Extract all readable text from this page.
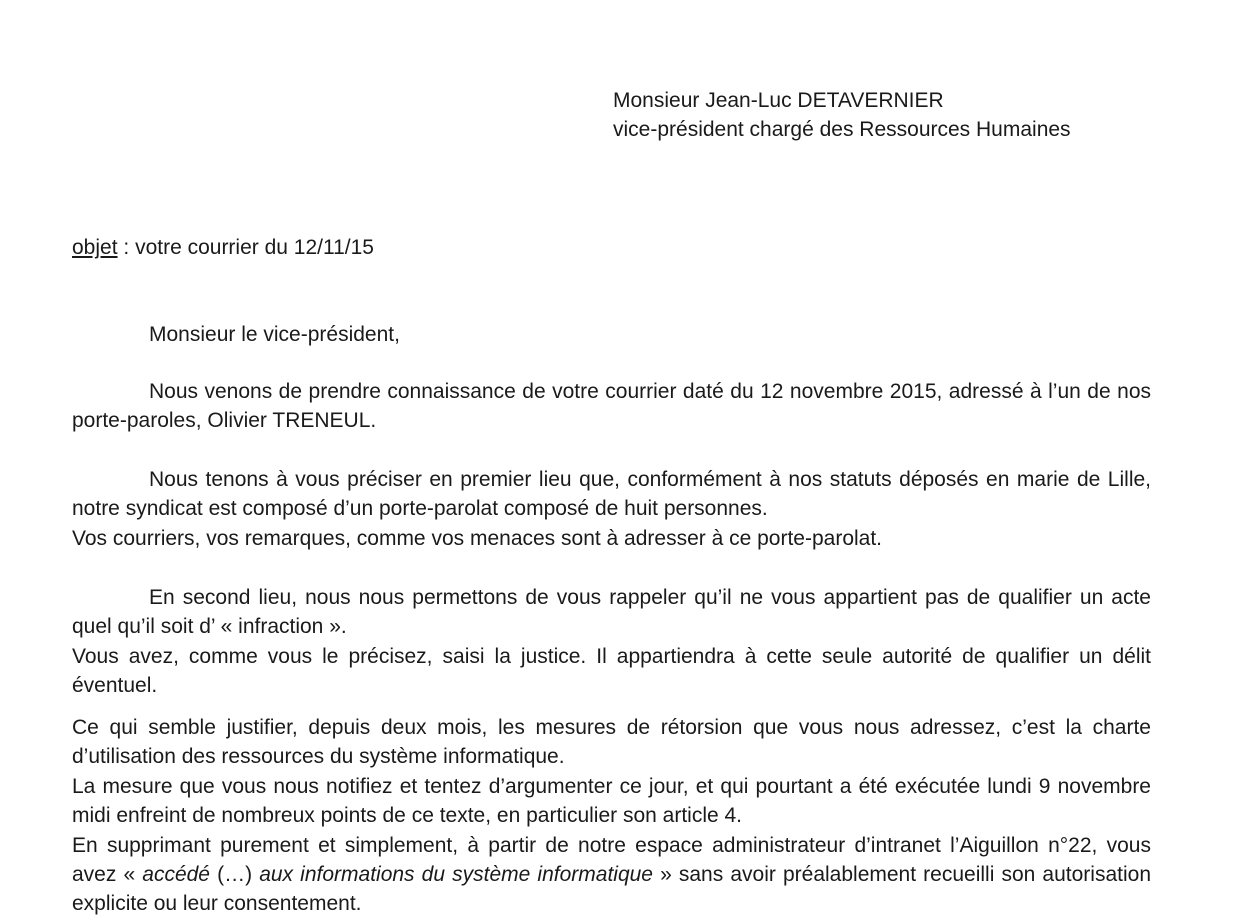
Monsieur Jean-Luc DETAVERNIER
vice-président chargé des Ressources Humaines
objet : votre courrier du 12/11/15

Monsieur le vice-président,

Nous venons de prendre connaissance de votre courrier daté du 12 novembre 2015, adressé à l’un de nos porte-paroles, Olivier TRENEUL.

Nous tenons à vous préciser en premier lieu que, conformément à nos statuts déposés en marie de Lille, notre syndicat est composé d’un porte-parolat composé de huit personnes.

Vos courriers, vos remarques, comme vos menaces sont à adresser à ce porte-parolat.

En second lieu, nous nous permettons de vous rappeler qu’il ne vous appartient pas de qualifier un acte quel qu’il soit d’ « infraction ».

Vous avez, comme vous le précisez, saisi la justice. Il appartiendra à cette seule autorité de qualifier un délit éventuel.

Ce qui semble justifier, depuis deux mois, les mesures de rétorsion que vous nous adressez, c’est la charte d’utilisation des ressources du système informatique.

La mesure que vous nous notifiez et tentez d’argumenter ce jour, et qui pourtant a été exécutée lundi 9 novembre midi enfreint de nombreux points de ce texte, en particulier son article 4.

En supprimant purement et simplement, à partir de notre espace administrateur d’intranet l’Aiguillon n°22, vous avez « accédé (…) aux informations du système informatique » sans avoir préalablement recueilli son autorisation explicite ou leur consentement.
